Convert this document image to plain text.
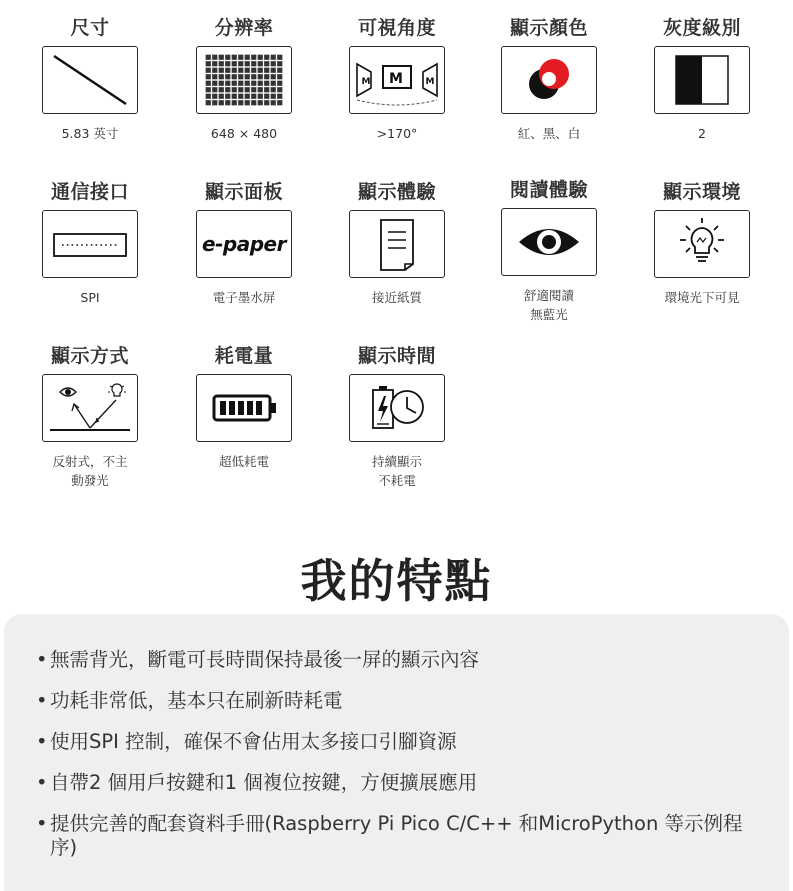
尺寸
5.83 英寸
分辨率
648 × 480
可視角度
M M	M
>170°
顯示顏色
紅、黑、白
灰度級別
2
通信接口
SPI
顯示面板
e-paper
電子墨水屏
顯示體驗
接近紙質
閱讀體驗
舒適閱讀
無藍光
顯示環境
環境光下可見
顯示方式
反射式，不主
動發光
耗電量
超低耗電
顯示時間
持續顯示
不耗電
我的特點
• 無需背光，斷電可長時間保持最後一屏的顯示內容
• 功耗非常低，基本只在刷新時耗電
• 使用SPI 控制，確保不會佔用太多接口引腳資源
• 自帶2 個用戶按鍵和1 個複位按鍵，方便擴展應用
• 提供完善的配套資料手冊(Raspberry Pi Pico C/C++ 和MicroPython 等示例程序)
